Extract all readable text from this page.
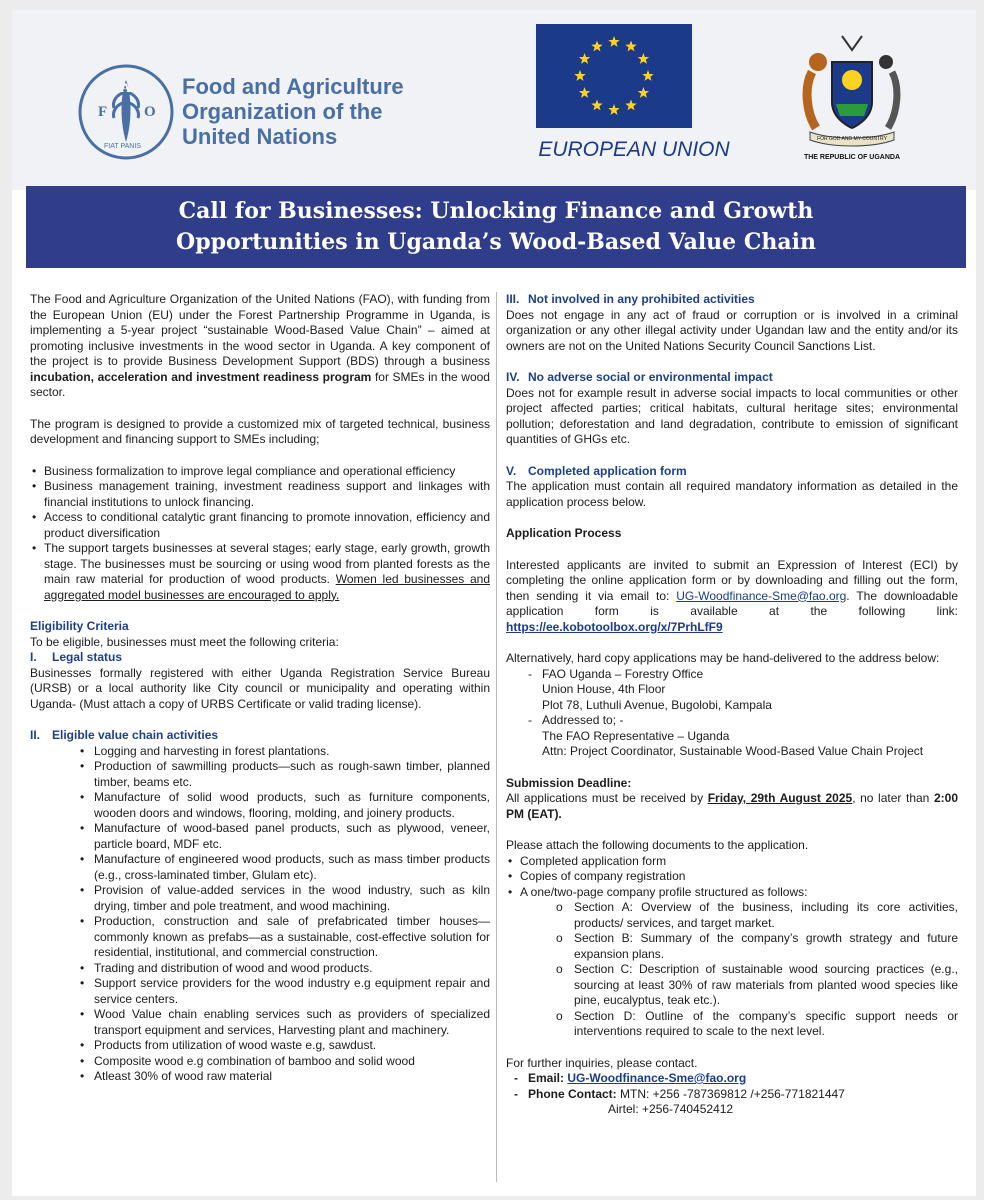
F
A
O
FIAT PANIS
Food and Agriculture
Organization of the
United Nations
EUROPEAN UNION	FOR GOD AND MY COUNTRY
THE REPUBLIC OF UGANDA
Call for Businesses: Unlocking Finance and Growth
Opportunities in Uganda’s Wood-Based Value Chain

The Food and Agriculture Organization of the United Nations (FAO), with funding from the European Union (EU) under the Forest Partnership Programme in Uganda, is implementing a 5-year project “sustainable Wood-Based Value Chain” – aimed at promoting inclusive investments in the wood sector in Uganda. A key component of the project is to provide Business Development Support (BDS) through a business incubation, acceleration and investment readiness program for SMEs in the wood sector.

The program is designed to provide a customized mix of targeted technical, business development and financing support to SMEs including;

• Business formalization to improve legal compliance and operational efficiency
• Business management training, investment readiness support and linkages with financial institutions to unlock financing.
• Access to conditional catalytic grant financing to promote innovation, efficiency and product diversification
• The support targets businesses at several stages; early stage, early growth, growth stage. The businesses must be sourcing or using wood from planted forests as the main raw material for production of wood products. Women led businesses and aggregated model businesses are encouraged to apply.

Eligibility Criteria

To be eligible, businesses must meet the following criteria:

I. Legal status

Businesses formally registered with either Uganda Registration Service Bureau (URSB) or a local authority like City council or municipality and operating within Uganda- (Must attach a copy of URBS Certificate or valid trading license).

II. Eligible value chain activities

• Logging and harvesting in forest plantations.
• Production of sawmilling products—such as rough-sawn timber, planned timber, beams etc.
• Manufacture of solid wood products, such as furniture components, wooden doors and windows, flooring, molding, and joinery products.
• Manufacture of wood-based panel products, such as plywood, veneer, particle board, MDF etc.
• Manufacture of engineered wood products, such as mass timber products (e.g., cross-laminated timber, Glulam etc).
• Provision of value-added services in the wood industry, such as kiln drying, timber and pole treatment, and wood machining.
• Production, construction and sale of prefabricated timber houses—commonly known as prefabs—as a sustainable, cost-effective solution for residential, institutional, and commercial construction.
• Trading and distribution of wood and wood products.
• Support service providers for the wood industry e.g equipment repair and service centers.
• Wood Value chain enabling services such as providers of specialized transport equipment and services, Harvesting plant and machinery.
• Products from utilization of wood waste e.g, sawdust.
• Composite wood e.g combination of bamboo and solid wood
• Atleast 30% of wood raw material

III. Not involved in any prohibited activities

Does not engage in any act of fraud or corruption or is involved in a criminal organization or any other illegal activity under Ugandan law and the entity and/or its owners are not on the United Nations Security Council Sanctions List.

IV. No adverse social or environmental impact

Does not for example result in adverse social impacts to local communities or other project affected parties; critical habitats, cultural heritage sites; environmental pollution; deforestation and land degradation, contribute to emission of significant quantities of GHGs etc.

V. Completed application form

The application must contain all required mandatory information as detailed in the application process below.

Application Process

Interested applicants are invited to submit an Expression of Interest (ECI) by completing the online application form or by downloading and filling out the form, then sending it via email to: UG-Woodfinance-Sme@fao.org. The downloadable application form is available at the following link: https://ee.kobotoolbox.org/x/7PrhLfF9

Alternatively, hard copy applications may be hand-delivered to the address below:

- FAO Uganda – Forestry Office
Union House, 4th Floor
Plot 78, Luthuli Avenue, Bugolobi, Kampala
- Addressed to; -
The FAO Representative – Uganda
Attn: Project Coordinator, Sustainable Wood-Based Value Chain Project

Submission Deadline:

All applications must be received by Friday, 29th August 2025, no later than 2:00 PM (EAT).

Please attach the following documents to the application.

• Completed application form
• Copies of company registration
• A one/two-page company profile structured as follows:
o Section A: Overview of the business, including its core activities, products/ services, and target market.
o Section B: Summary of the company’s growth strategy and future expansion plans.
o Section C: Description of sustainable wood sourcing practices (e.g., sourcing at least 30% of raw materials from planted wood species like pine, eucalyptus, teak etc.).
o Section D: Outline of the company’s specific support needs or interventions required to scale to the next level.

For further inquiries, please contact.

- Email: UG-Woodfinance-Sme@fao.org
- Phone Contact: MTN: +256 -787369812 /+256-771821447

Airtel: +256-740452412
